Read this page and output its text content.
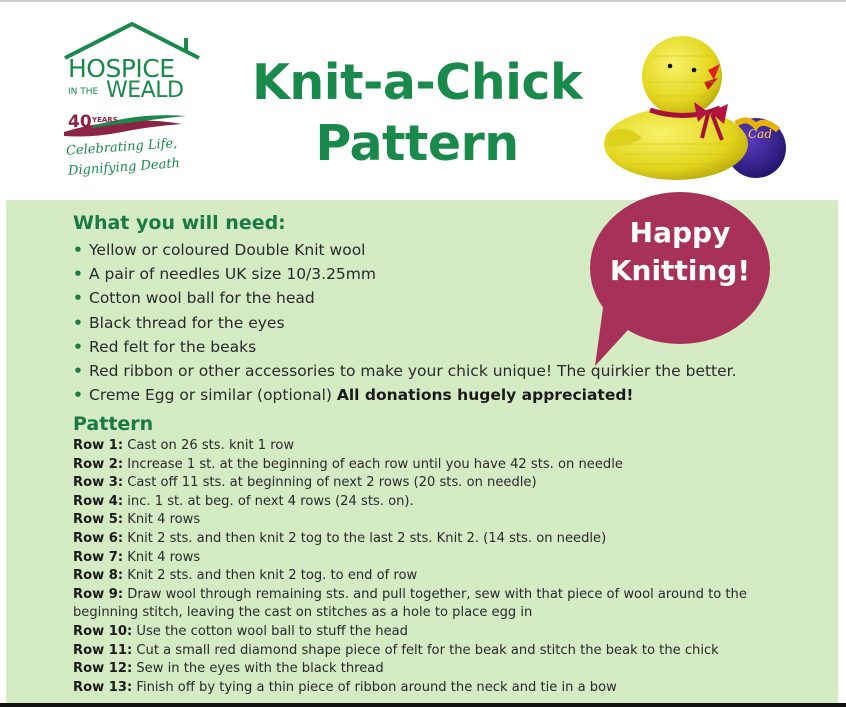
HOSPICE
IN THE WEALD
40 YEARS
Celebrating Life,
Dignifying Death
Knit-a-Chick
Pattern	Cad
Happy
Knitting!
What you will need:
• Yellow or coloured Double Knit wool
• A pair of needles UK size 10/3.25mm
• Cotton wool ball for the head
• Black thread for the eyes
• Red felt for the beaks
• Red ribbon or other accessories to make your chick unique! The quirkier the better.
• Creme Egg or similar (optional) All donations hugely appreciated!
Pattern
Row 1: Cast on 26 sts. knit 1 row
Row 2: Increase 1 st. at the beginning of each row until you have 42 sts. on needle
Row 3: Cast off 11 sts. at beginning of next 2 rows (20 sts. on needle)
Row 4: inc. 1 st. at beg. of next 4 rows (24 sts. on).
Row 5: Knit 4 rows
Row 6: Knit 2 sts. and then knit 2 tog to the last 2 sts. Knit 2. (14 sts. on needle)
Row 7: Knit 4 rows
Row 8: Knit 2 sts. and then knit 2 tog. to end of row
Row 9: Draw wool through remaining sts. and pull together, sew with that piece of wool around to the beginning stitch, leaving the cast on stitches as a hole to place egg in
Row 10: Use the cotton wool ball to stuff the head
Row 11: Cut a small red diamond shape piece of felt for the beak and stitch the beak to the chick
Row 12: Sew in the eyes with the black thread
Row 13: Finish off by tying a thin piece of ribbon around the neck and tie in a bow
